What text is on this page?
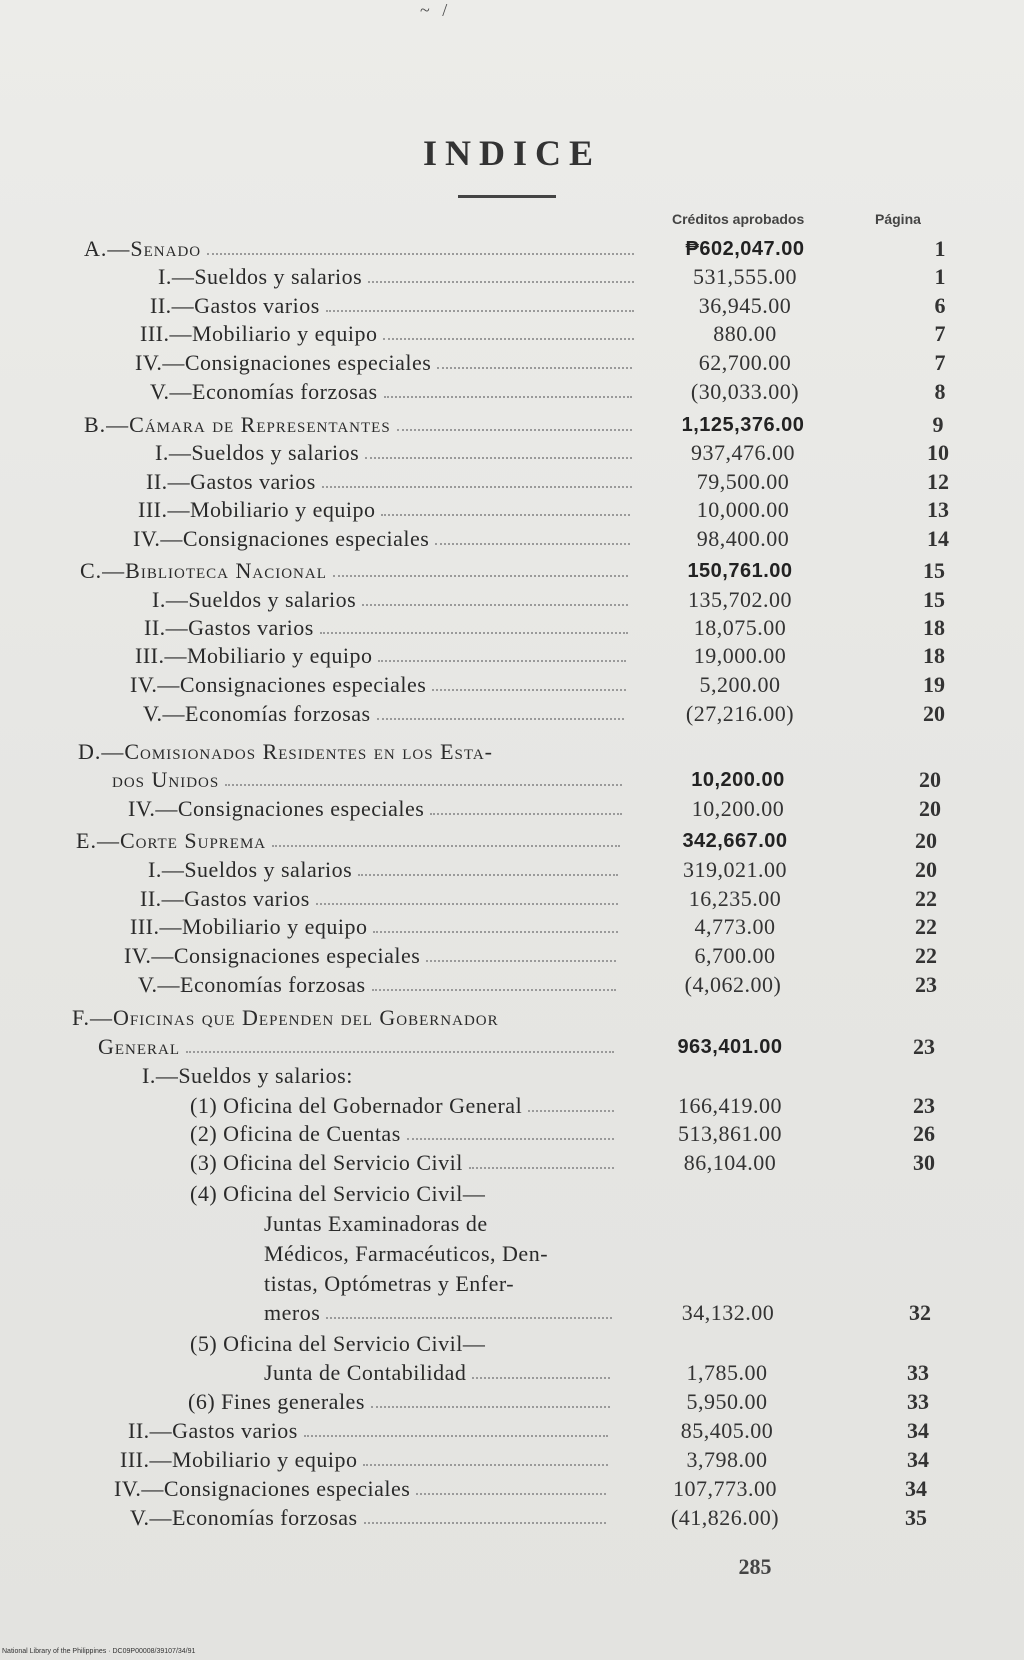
~ /
INDICE
Créditos aprobados	Página
A.—Senado	₱602,047.00	1
I.—Sueldos y salarios	531,555.00	1
II.—Gastos varios	36,945.00	6
III.—Mobiliario y equipo	880.00	7
IV.—Consignaciones especiales	62,700.00	7
V.—Economías forzosas	(30,033.00)	8
B.—Cámara de Representantes	1,125,376.00	9
I.—Sueldos y salarios	937,476.00	10
II.—Gastos varios	79,500.00	12
III.—Mobiliario y equipo	10,000.00	13
IV.—Consignaciones especiales	98,400.00	14
C.—Biblioteca Nacional	150,761.00	15
I.—Sueldos y salarios	135,702.00	15
II.—Gastos varios	18,075.00	18
III.—Mobiliario y equipo	19,000.00	18
IV.—Consignaciones especiales	5,200.00	19
V.—Economías forzosas	(27,216.00)	20
D.—Comisionados Residentes en los Esta-
dos Unidos	10,200.00	20
IV.—Consignaciones especiales	10,200.00	20
E.—Corte Suprema	342,667.00	20
I.—Sueldos y salarios	319,021.00	20
II.—Gastos varios	16,235.00	22
III.—Mobiliario y equipo	4,773.00	22
IV.—Consignaciones especiales	6,700.00	22
V.—Economías forzosas	(4,062.00)	23
F.—Oficinas que Dependen del Gobernador
General	963,401.00	23
I.—Sueldos y salarios:
(1) Oficina del Gobernador General	166,419.00	23
(2) Oficina de Cuentas	513,861.00	26
(3) Oficina del Servicio Civil	86,104.00	30
(4) Oficina del Servicio Civil—
Juntas Examinadoras de
Médicos, Farmacéuticos, Den-
tistas, Optómetras y Enfer-
meros	34,132.00	32
(5) Oficina del Servicio Civil—
Junta de Contabilidad	1,785.00	33
(6) Fines generales	5,950.00	33
II.—Gastos varios	85,405.00	34
III.—Mobiliario y equipo	3,798.00	34
IV.—Consignaciones especiales	107,773.00	34
V.—Economías forzosas	(41,826.00)	35
285
National Library of the Philippines · DC09P00008/39107/34/91
